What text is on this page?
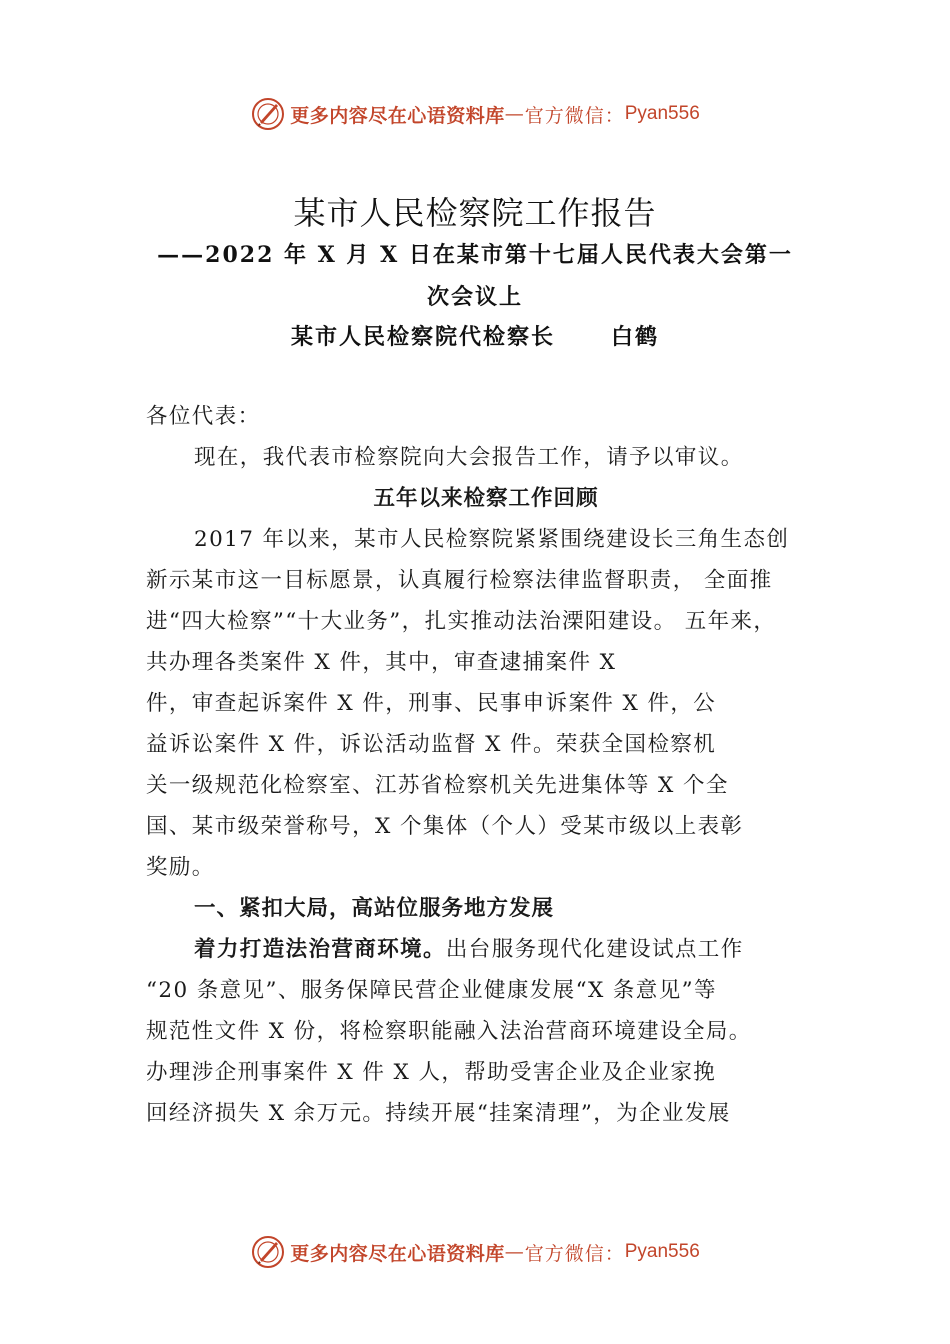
更多内容尽在心语资料库 — 官方微信： Pyan556
某市人民检察院工作报告
——2022 年 X 月 X 日在某市第十七届人民代表大会第一
次会议上
某市人民检察院代检察长	白鹤

各位代表：

现在，我代表市检察院向大会报告工作，请予以审议。

五年以来检察工作回顾

2017 年以来，某市人民检察院紧紧围绕建设长三角生态创
新示某市这一目标愿景，认真履行检察法律监督职责， 全面推
进“四大检察”“十大业务”，扎实推动法治溧阳建设。 五年来，
共办理各类案件 X 件，其中，审查逮捕案件 X
件，审查起诉案件 X 件，刑事、民事申诉案件 X 件，公
益诉讼案件 X 件，诉讼活动监督 X 件。荣获全国检察机
关一级规范化检察室、江苏省检察机关先进集体等 X 个全
国、某市级荣誉称号，X 个集体（个人）受某市级以上表彰
奖励。

一、紧扣大局，高站位服务地方发展

着力打造法治营商环境。出台服务现代化建设试点工作
“20 条意见”、服务保障民营企业健康发展“X 条意见”等
规范性文件 X 份，将检察职能融入法治营商环境建设全局。
办理涉企刑事案件 X 件 X 人，帮助受害企业及企业家挽
回经济损失 X 余万元。持续开展“挂案清理”，为企业发展

更多内容尽在心语资料库 — 官方微信： Pyan556
